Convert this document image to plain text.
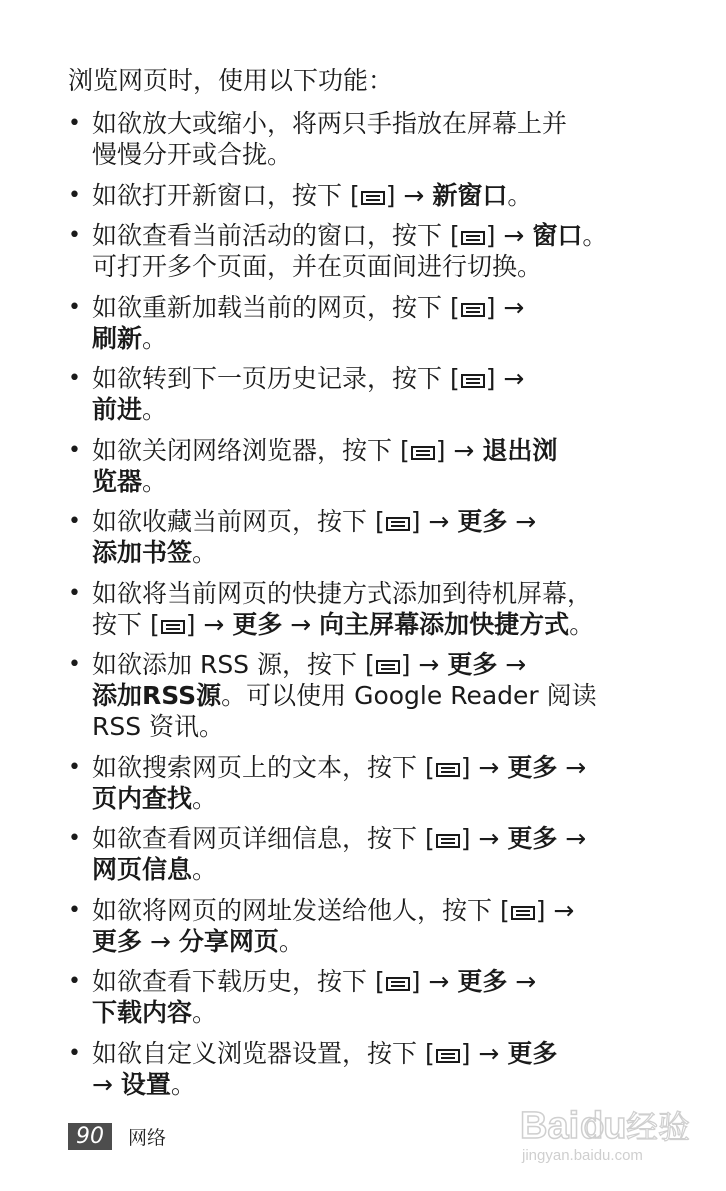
浏览网页时，使用以下功能：
• 如欲放大或缩小，将两只手指放在屏幕上并
慢慢分开或合拢。
• 如欲打开新窗口，按下 [ ] → 新窗口。
• 如欲查看当前活动的窗口，按下 [ ] → 窗口。
可打开多个页面，并在页面间进行切换。
• 如欲重新加载当前的网页，按下 [ ] →
刷新。
• 如欲转到下一页历史记录，按下 [ ] →
前进。
• 如欲关闭网络浏览器，按下 [ ] → 退出浏
览器。
• 如欲收藏当前网页，按下 [ ] → 更多 →
添加书签。
• 如欲将当前网页的快捷方式添加到待机屏幕，
按下 [ ] → 更多 → 向主屏幕添加快捷方式。
• 如欲添加 RSS 源，按下 [ ] → 更多 →
添加RSS源。可以使用 Google Reader 阅读
RSS 资讯。
• 如欲搜索网页上的文本，按下 [ ] → 更多 →
页内查找。
• 如欲查看网页详细信息，按下 [ ] → 更多 →
网页信息。
• 如欲将网页的网址发送给他人，按下 [ ] →
更多 → 分享网页。
• 如欲查看下载历史，按下 [ ] → 更多 →
下载内容。
• 如欲自定义浏览器设置，按下 [ ] → 更多
→ 设置。
90	网络	Bai du 经验
jingyan.baidu.com
